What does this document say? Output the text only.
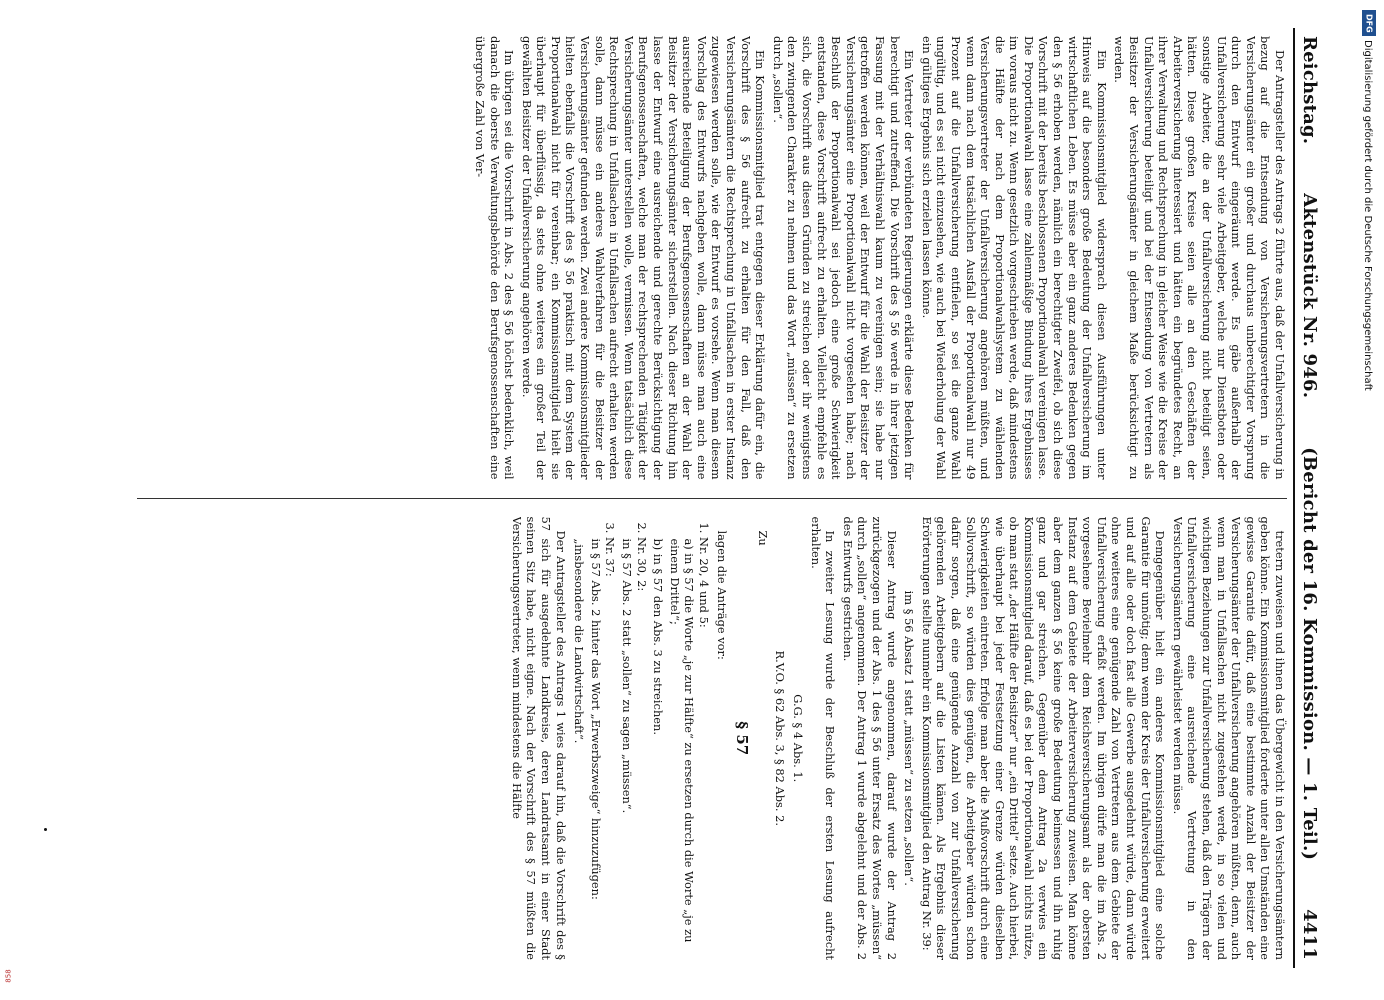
Reichstag.
Aktenstück Nr. 946.
(Bericht der 16. Kommission. — 1. Teil.)
4411

Der Antragsteller des Antrags 2 führte aus, daß der Unfallversicherung in bezug auf die Entsendung von Versicherungsvertretern in die Versicherungsämter ein großer und durchaus unberechtigter Vorsprung durch den Entwurf eingeräumt werde. Es gäbe außerhalb der Unfallversicherung sehr viele Arbeitgeber, welche nur Dienstboten oder sonstige Arbeiter, die an der Unfallversicherung nicht beteiligt seien, hätten. Diese großen Kreise seien alle an den Geschäften der Arbeiterversicherung interessiert und hätten ein begründetes Recht, an ihrer Verwaltung und Rechtsprechung in gleicher Weise wie die Kreise der Unfallversicherung beteiligt und bei der Entsendung von Vertretern als Beisitzer der Versicherungsämter in gleichem Maße berücksichtigt zu werden.

Ein Kommissionsmitglied widersprach diesen Ausführungen unter Hinweis auf die besonders große Bedeutung der Unfallversicherung im wirtschaftlichen Leben. Es müsse aber ein ganz anderes Bedenken gegen den § 56 erhoben werden, nämlich ein berechtigter Zweifel, ob sich diese Vorschrift mit der bereits beschlossenen Proportionalwahl vereinigen lasse. Die Proportionalwahl lasse eine zahlenmäßige Bindung ihres Ergebnisses im voraus nicht zu. Wenn gesetzlich vorgeschrieben werde, daß mindestens die Hälfte der nach dem Proportionalwahlsystem zu wählenden Versicherungsvertreter der Unfallversicherung angehören müßten, und wenn dann nach dem tatsächlichen Ausfall der Proportionalwahl nur 49 Prozent auf die Unfallversicherung entfielen, so sei die ganze Wahl ungültig, und es sei nicht einzusehen, wie auch bei Wiederholung der Wahl ein gültiges Ergebnis sich erzielen lassen könne.

Ein Vertreter der verbündeten Regierungen erklärte diese Bedenken für berechtigt und zutreffend. Die Vorschrift des § 56 werde in ihrer jetzigen Fassung mit der Verhältniswahl kaum zu vereinigen sein; sie habe nur getroffen werden können, weil der Entwurf für die Wahl der Beisitzer der Versicherungsämter eine Proportionalwahl nicht vorgesehen habe; nach Beschluß der Proportionalwahl sei jedoch eine große Schwierigkeit entstanden, diese Vorschrift aufrecht zu erhalten. Vielleicht empfehle es sich, die Vorschrift aus diesen Gründen zu streichen oder ihr wenigstens den zwingenden Charakter zu nehmen und das Wort „müssen“ zu ersetzen durch „sollen“.

Ein Kommissionsmitglied trat entgegen dieser Erklärung dafür ein, die Vorschrift des § 56 aufrecht zu erhalten für den Fall, daß den Versicherungsämtern die Rechtsprechung in Unfallsachen in erster Instanz zugewiesen werden solle, wie der Entwurf es vorsehe. Wenn man diesem Vorschlag des Entwurfs nachgeben wolle, dann müsse man auch eine ausreichende Beteiligung der Berufsgenossenschaften an der Wahl der Beisitzer der Versicherungsämter sicherstellen. Nach dieser Richtung hin lasse der Entwurf eine ausreichende und gerechte Berücksichtigung der Berufsgenossenschaften, welche man der rechtsprechenden Tätigkeit der Versicherungsämter unterstellen wolle, vermissen. Wenn tatsächlich diese Rechtsprechung in Unfallsachen in Unfallsachen aufrecht erhalten werden solle, dann müsse ein anderes Wahlverfahren für die Beisitzer der Versicherungsämter gefunden werden. Zwei andere Kommissionsmitglieder hielten ebenfalls die Vorschrift des § 56 praktisch mit dem System der Proportionalwahl nicht für vereinbar; ein Kommissionsmitglied hielt sie überhaupt für überflüssig, da stets ohne weiteres ein großer Teil der gewählten Beisitzer der Unfallversicherung angehören werde.

Im übrigen sei die Vorschrift in Abs. 2 des § 56 höchst bedenklich, weil danach die oberste Verwaltungsbehörde den Berufsgenossenschaften eine übergroße Zahl von Ver-

tretern zuweisen und ihnen das Übergewicht in den Versicherungsämtern geben könne. Ein Kommissionsmitglied forderte unter allen Umständen eine gewisse Garantie dafür, daß eine bestimmte Anzahl der Beisitzer der Versicherungsämter der Unfallversicherung angehören müßten, denn, auch wenn man in Unfallsachen nicht zugestehen werde, in so vielen und wichtigen Beziehungen zur Unfallversicherung stehen, daß den Trägern der Unfallversicherung eine ausreichende Vertretung in den Versicherungsämtern gewährleistet werden müsse.

Demgegenüber hielt ein anderes Kommissionsmitglied eine solche Garantie für unnötig; denn wenn der Kreis der Unfallversicherung erweitert und auf alle oder doch fast alle Gewerbe ausgedehnt würde, dann würde ohne weiteres eine genügende Zahl von Vertretern aus dem Gebiete der Unfallversicherung erfaßt werden. Im übrigen dürfe man die im Abs. 2 vorgesehene Bevielmehr dem Reichsversicherungsamt als der obersten Instanz auf dem Gebiete der Arbeiterversicherung zuweisen. Man könne aber dem ganzen § 56 keine große Bedeutung beimessen und ihn ruhig ganz und gar streichen. Gegenüber dem Antrag 2a verwies ein Kommissionsmitglied darauf, daß es bei der Proportionalwahl nichts nütze, ob man statt „der Hälfte der Beisitzer“ nur „ein Drittel“ setze. Auch hierbei, wie überhaupt bei jeder Festsetzung einer Grenze würden dieselben Schwierigkeiten eintreten. Erfolge man aber die Mußvorschrift durch eine Sollvorschrift, so würden dies genügen, die Arbeitgeber würden schon dafür sorgen, daß eine genügende Anzahl von zur Unfallversicherung gehörenden Arbeitgebern auf die Listen kämen. Als Ergebnis dieser Erörterungen stellte nunmehr ein Kommissionsmitglied den Antrag Nr. 39:

im § 56 Absatz 1 statt „müssen“ zu setzen „sollen“.

Dieser Antrag wurde angenommen, darauf wurde der Antrag 2 zurückgezogen und der Abs. 1 des § 56 unter Ersatz des Wortes „müssen“ durch „sollen“ angenommen. Der Antrag 1 wurde abgelehnt und der Abs. 2 des Entwurfs gestrichen.

In zweiter Lesung wurde der Beschluß der ersten Lesung aufrecht erhalten.

G.G. § 4 Abs. 1.

R.V.O. § 62 Abs. 3, § 82 Abs. 2.

Zu

§ 57

lagen die Anträge vor:

1. Nr. 20, 4 und 5:
a) in § 57 die Worte „je zur Hälfte“ zu ersetzen durch die Worte „je zu einem Drittel“;
b) in § 57 den Abs. 3 zu streichen.
2. Nr. 30, 2:
in § 57 Abs. 2 statt „sollen“ zu sagen „müssen“.
3. Nr. 37:
in § 57 Abs. 2 hinter das Wort „Erwerbszweige“ hinzuzufügen:
„insbesondere die Landwirtschaft“.

Der Antragsteller des Antrags 1 wies darauf hin, daß die Vorschrift des § 57 sich für ausgedehnte Landkreise, deren Landratsamt in einer Stadt seinen Sitz habe, nicht eigne. Nach der Vorschrift des § 57 müßten die Versicherungsvertreter, wenn mindestens die Hälfte

DFG
Digitalisierung gefördert durch die Deutsche Forschungsgemeinschaft
858
